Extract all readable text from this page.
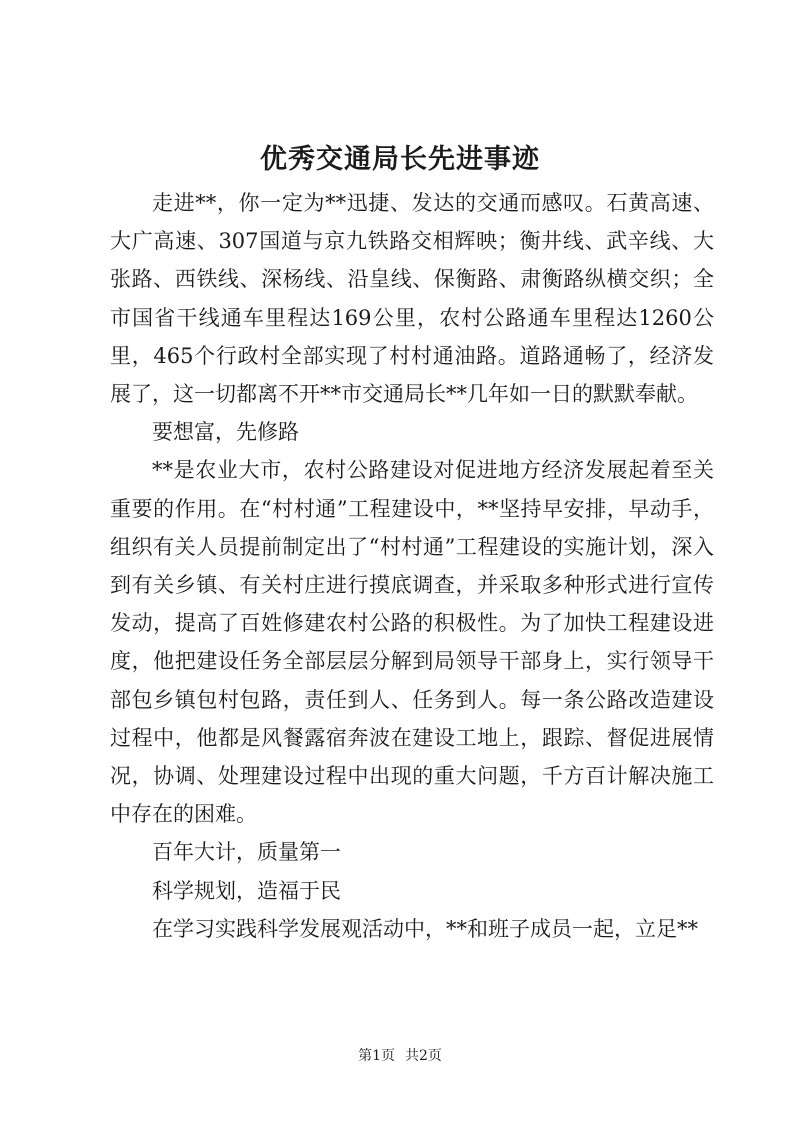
优秀交通局长先进事迹

走进**，你一定为**迅捷、发达的交通而感叹。石黄高速、大广高速、307国道与京九铁路交相辉映；衡井线、武辛线、大张路、西铁线、深杨线、沿皇线、保衡路、肃衡路纵横交织；全市国省干线通车里程达169公里，农村公路通车里程达1260公里，465个行政村全部实现了村村通油路。道路通畅了，经济发展了，这一切都离不开**市交通局长**几年如一日的默默奉献。

要想富，先修路

**是农业大市，农村公路建设对促进地方经济发展起着至关重要的作用。在“村村通”工程建设中，**坚持早安排，早动手，组织有关人员提前制定出了“村村通”工程建设的实施计划，深入到有关乡镇、有关村庄进行摸底调查，并采取多种形式进行宣传发动，提高了百姓修建农村公路的积极性。为了加快工程建设进度，他把建设任务全部层层分解到局领导干部身上，实行领导干部包乡镇包村包路，责任到人、任务到人。每一条公路改造建设过程中，他都是风餐露宿奔波在建设工地上，跟踪、督促进展情况，协调、处理建设过程中出现的重大问题，千方百计解决施工中存在的困难。

百年大计，质量第一

科学规划，造福于民

在学习实践科学发展观活动中，**和班子成员一起，立足**

第1页 共2页
